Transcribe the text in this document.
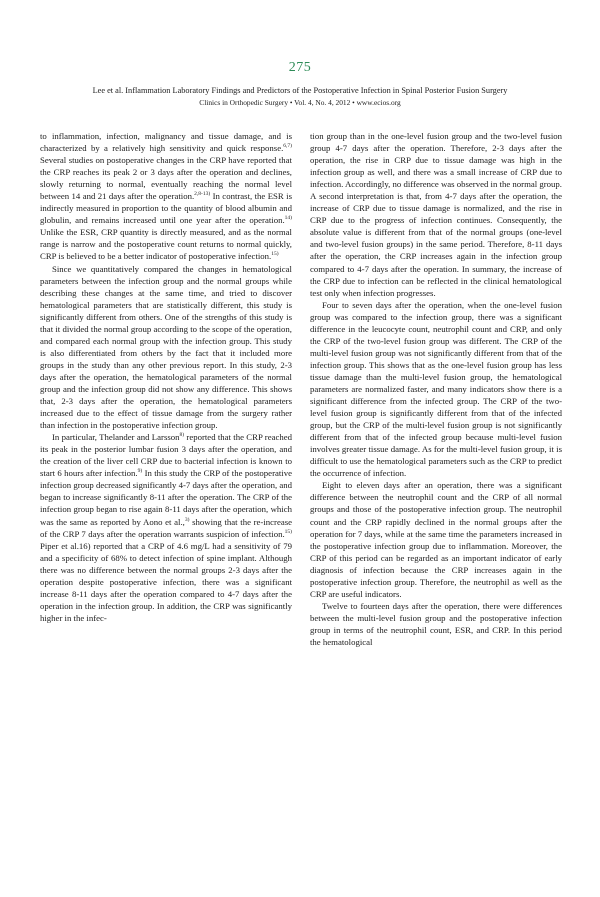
275
Lee et al. Inflammation Laboratory Findings and Predictors of the Postoperative Infection in Spinal Posterior Fusion Surgery
Clinics in Orthopedic Surgery • Vol. 4, No. 4, 2012 • www.ecios.org

to inflammation, infection, malignancy and tissue damage, and is characterized by a relatively high sensitivity and quick response.$^{6,7)}$ Several studies on postoperative changes in the CRP have reported that the CRP reaches its peak 2 or 3 days after the operation and declines, slowly returning to normal, eventually reaching the normal level between 14 and 21 days after the operation.$^{2,8-13)}$ In contrast, the ESR is indirectly measured in proportion to the quantity of blood albumin and globulin, and remains increased until one year after the operation.$^{14)}$ Unlike the ESR, CRP quantity is directly measured, and as the normal range is narrow and the postoperative count returns to normal quickly, CRP is believed to be a better indicator of postoperative infection.$^{15)}$

Since we quantitatively compared the changes in hematological parameters between the infection group and the normal groups while describing these changes at the same time, and tried to discover hematological parameters that are statistically different, this study is significantly different from others. One of the strengths of this study is that it divided the normal group according to the scope of the operation, and compared each normal group with the infection group. This study is also differentiated from others by the fact that it included more groups in the study than any other previous report. In this study, 2-3 days after the operation, the hematological parameters of the normal group and the infection group did not show any difference. This shows that, 2-3 days after the operation, the hematological parameters increased due to the effect of tissue damage from the surgery rather than infection in the postoperative infection group.

In particular, Thelander and Larsson$^{8)}$ reported that the CRP reached its peak in the posterior lumbar fusion 3 days after the operation, and the creation of the liver cell CRP due to bacterial infection is known to start 6 hours after infection.$^{9)}$ In this study the CRP of the postoperative infection group decreased significantly 4-7 days after the operation, and began to increase significantly 8-11 after the operation. The CRP of the infection group began to rise again 8-11 days after the operation, which was the same as reported by Aono et al.,$^{3)}$ showing that the re-increase of the CRP 7 days after the operation warrants suspicion of infection.$^{15)}$ Piper et al.16) reported that a CRP of 4.6 mg/L had a sensitivity of 79 and a specificity of 68% to detect infection of spine implant. Although there was no difference between the normal groups 2-3 days after the operation despite postoperative infection, there was a significant increase 8-11 days after the operation compared to 4-7 days after the operation in the infection group. In addition, the CRP was significantly higher in the infec-

tion group than in the one-level fusion group and the two-level fusion group 4-7 days after the operation. Therefore, 2-3 days after the operation, the rise in CRP due to tissue damage was high in the infection group as well, and there was a small increase of CRP due to infection. Accordingly, no difference was observed in the normal group. A second interpretation is that, from 4-7 days after the operation, the increase of CRP due to tissue damage is normalized, and the rise in CRP due to the progress of infection continues. Consequently, the absolute value is different from that of the normal groups (one-level and two-level fusion groups) in the same period. Therefore, 8-11 days after the operation, the CRP increases again in the infection group compared to 4-7 days after the operation. In summary, the increase of the CRP due to infection can be reflected in the clinical hematological test only when infection progresses.

Four to seven days after the operation, when the one-level fusion group was compared to the infection group, there was a significant difference in the leucocyte count, neutrophil count and CRP, and only the CRP of the two-level fusion group was different. The CRP of the multi-level fusion group was not significantly different from that of the infection group. This shows that as the one-level fusion group has less tissue damage than the multi-level fusion group, the hematological parameters are normalized faster, and many indicators show there is a significant difference from the infected group. The CRP of the two-level fusion group is significantly different from that of the infected group, but the CRP of the multi-level fusion group is not significantly different from that of the infected group because multi-level fusion involves greater tissue damage. As for the multi-level fusion group, it is difficult to use the hematological parameters such as the CRP to predict the occurrence of infection.

Eight to eleven days after an operation, there was a significant difference between the neutrophil count and the CRP of all normal groups and those of the postoperative infection group. The neutrophil count and the CRP rapidly declined in the normal groups after the operation for 7 days, while at the same time the parameters increased in the postoperative infection group due to inflammation. Moreover, the CRP of this period can be regarded as an important indicator of early diagnosis of infection because the CRP increases again in the postoperative infection group. Therefore, the neutrophil as well as the CRP are useful indicators.

Twelve to fourteen days after the operation, there were differences between the multi-level fusion group and the postoperative infection group in terms of the neutrophil count, ESR, and CRP. In this period the hematological
